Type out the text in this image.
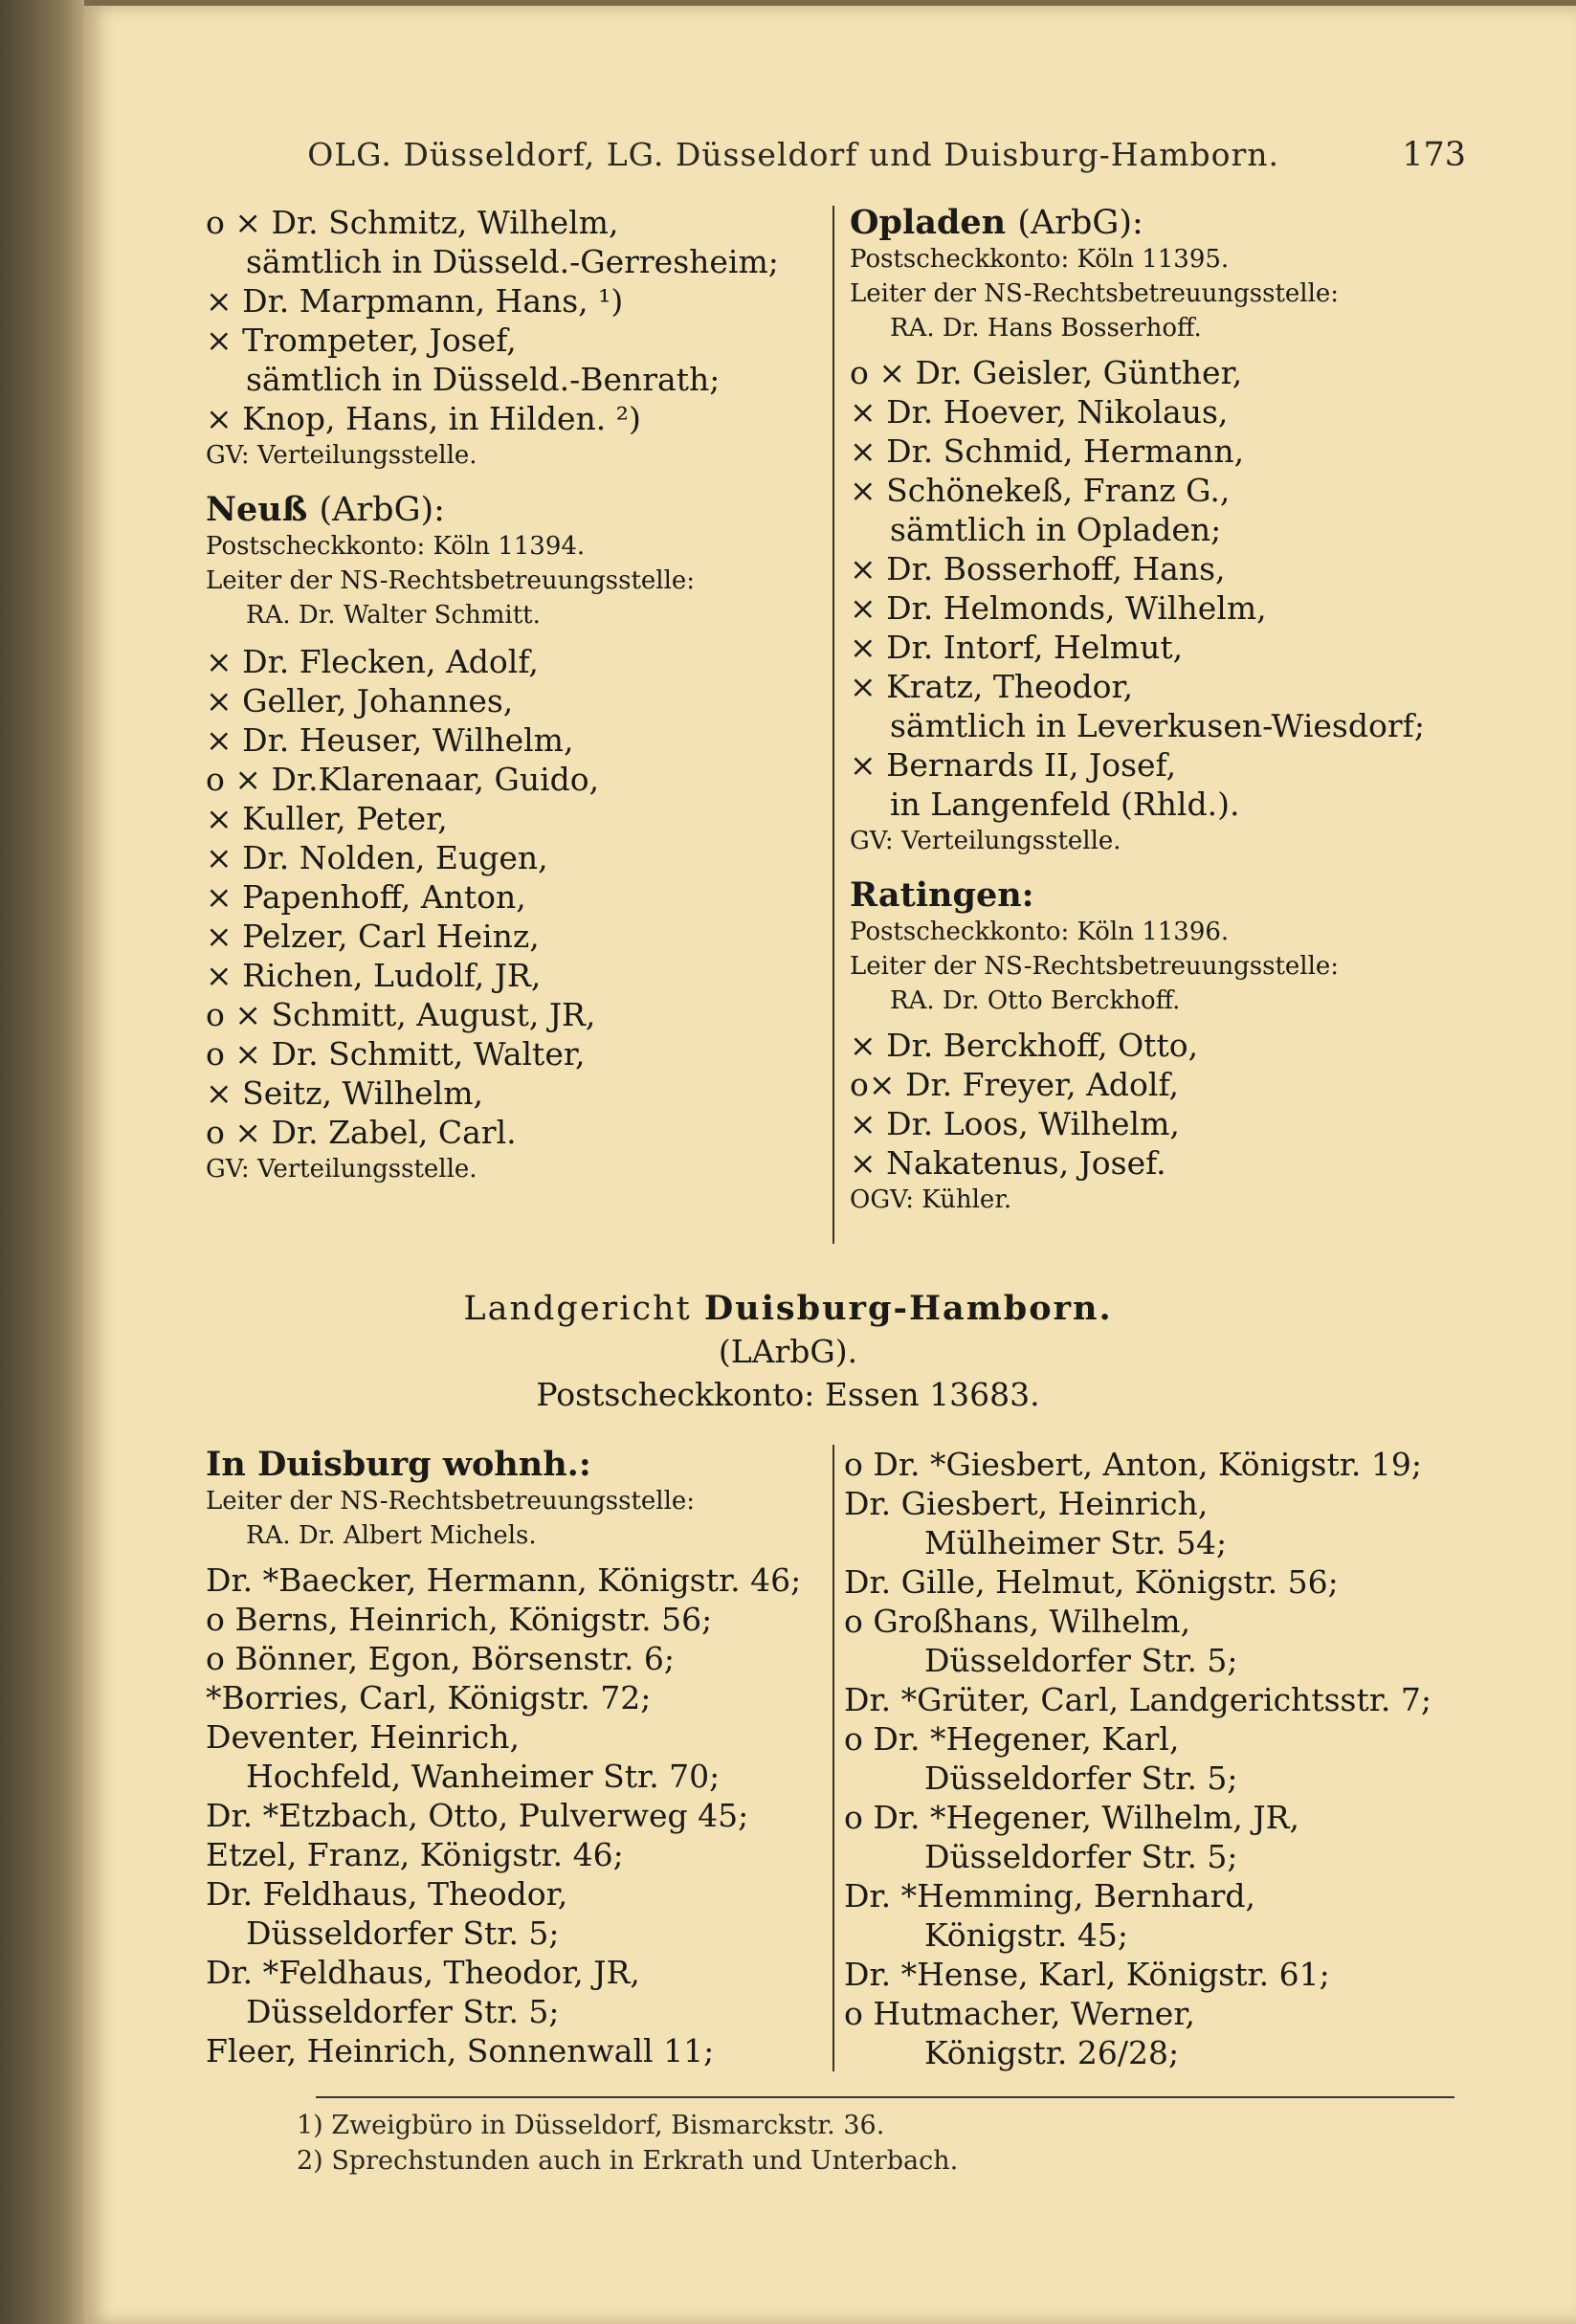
OLG. Düsseldorf, LG. Düsseldorf und Duisburg-Hamborn.	173
o × Dr. Schmitz, Wilhelm,
sämtlich in Düsseld.-Gerresheim;
× Dr. Marpmann, Hans, ¹)
× Trompeter, Josef,
sämtlich in Düsseld.-Benrath;
× Knop, Hans, in Hilden. ²)
GV: Verteilungsstelle.
Neuß (ArbG):
Postscheckkonto: Köln 11394.
Leiter der NS-Rechtsbetreuungsstelle:
RA. Dr. Walter Schmitt.
× Dr. Flecken, Adolf,
× Geller, Johannes,
× Dr. Heuser, Wilhelm,
o × Dr.Klarenaar, Guido,
× Kuller, Peter,
× Dr. Nolden, Eugen,
× Papenhoff, Anton,
× Pelzer, Carl Heinz,
× Richen, Ludolf, JR,
o × Schmitt, August, JR,
o × Dr. Schmitt, Walter,
× Seitz, Wilhelm,
o × Dr. Zabel, Carl.
GV: Verteilungsstelle.
Opladen (ArbG):
Postscheckkonto: Köln 11395.
Leiter der NS-Rechtsbetreuungsstelle:
RA. Dr. Hans Bosserhoff.
o × Dr. Geisler, Günther,
× Dr. Hoever, Nikolaus,
× Dr. Schmid, Hermann,
× Schönekeß, Franz G.,
sämtlich in Opladen;
× Dr. Bosserhoff, Hans,
× Dr. Helmonds, Wilhelm,
× Dr. Intorf, Helmut,
× Kratz, Theodor,
sämtlich in Leverkusen-Wiesdorf;
× Bernards II, Josef,
in Langenfeld (Rhld.).
GV: Verteilungsstelle.
Ratingen:
Postscheckkonto: Köln 11396.
Leiter der NS-Rechtsbetreuungsstelle:
RA. Dr. Otto Berckhoff.
× Dr. Berckhoff, Otto,
o× Dr. Freyer, Adolf,
× Dr. Loos, Wilhelm,
× Nakatenus, Josef.
OGV: Kühler.
Landgericht Duisburg-Hamborn.
(LArbG).
Postscheckkonto: Essen 13683.
In Duisburg wohnh.:
Leiter der NS-Rechtsbetreuungsstelle:
RA. Dr. Albert Michels.
Dr. *Baecker, Hermann, Königstr. 46;
o Berns, Heinrich, Königstr. 56;
o Bönner, Egon, Börsenstr. 6;
*Borries, Carl, Königstr. 72;
Deventer, Heinrich,
Hochfeld, Wanheimer Str. 70;
Dr. *Etzbach, Otto, Pulverweg 45;
Etzel, Franz, Königstr. 46;
Dr. Feldhaus, Theodor,
Düsseldorfer Str. 5;
Dr. *Feldhaus, Theodor, JR,
Düsseldorfer Str. 5;
Fleer, Heinrich, Sonnenwall 11;
o Dr. *Giesbert, Anton, Königstr. 19;
Dr. Giesbert, Heinrich,
Mülheimer Str. 54;
Dr. Gille, Helmut, Königstr. 56;
o Großhans, Wilhelm,
Düsseldorfer Str. 5;
Dr. *Grüter, Carl, Landgerichtsstr. 7;
o Dr. *Hegener, Karl,
Düsseldorfer Str. 5;
o Dr. *Hegener, Wilhelm, JR,
Düsseldorfer Str. 5;
Dr. *Hemming, Bernhard,
Königstr. 45;
Dr. *Hense, Karl, Königstr. 61;
o Hutmacher, Werner,
Königstr. 26/28;
1) Zweigbüro in Düsseldorf, Bismarckstr. 36.
2) Sprechstunden auch in Erkrath und Unterbach.
